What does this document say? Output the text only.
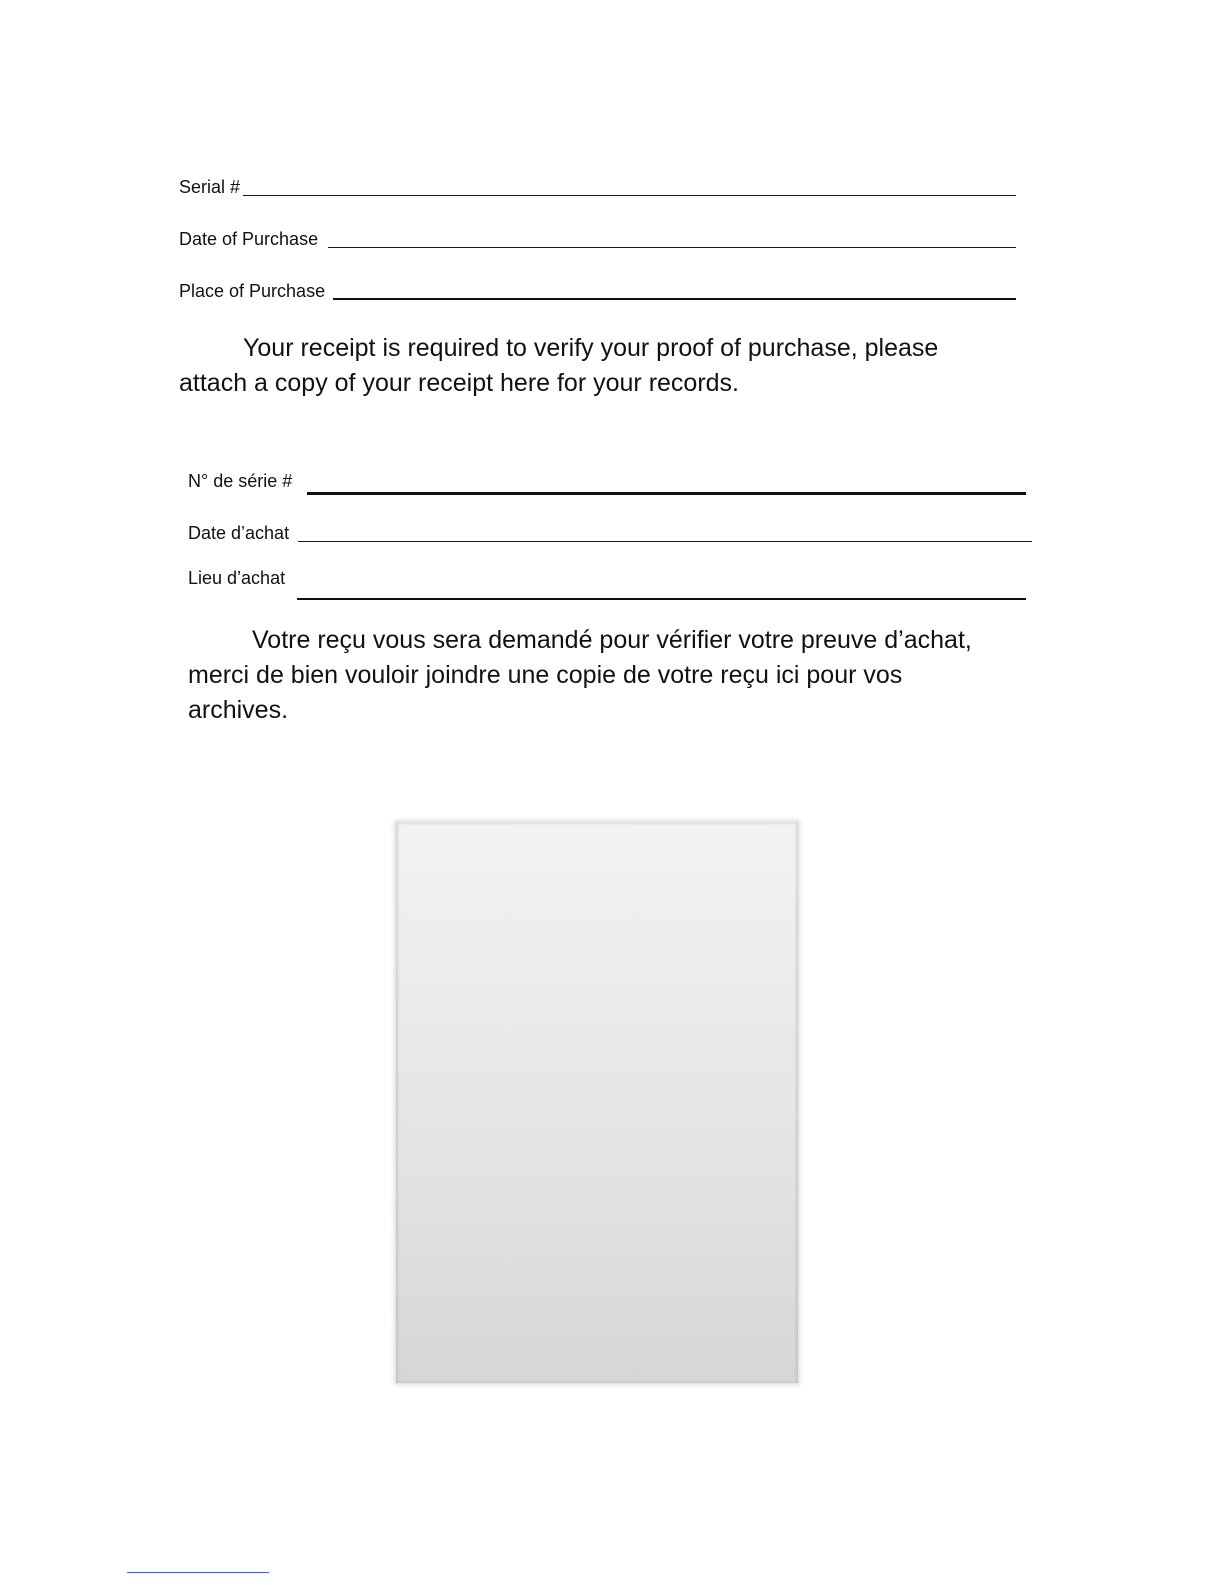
Serial #
Date of Purchase
Place of Purchase

Your receipt is required to verify your proof of purchase, please attach a copy of your receipt here for your records.

N° de série #
Date d’achat
Lieu d’achat

Votre reçu vous sera demandé pour vérifier votre preuve d’achat, merci de bien vouloir joindre une copie de votre reçu ici pour vos archives.
